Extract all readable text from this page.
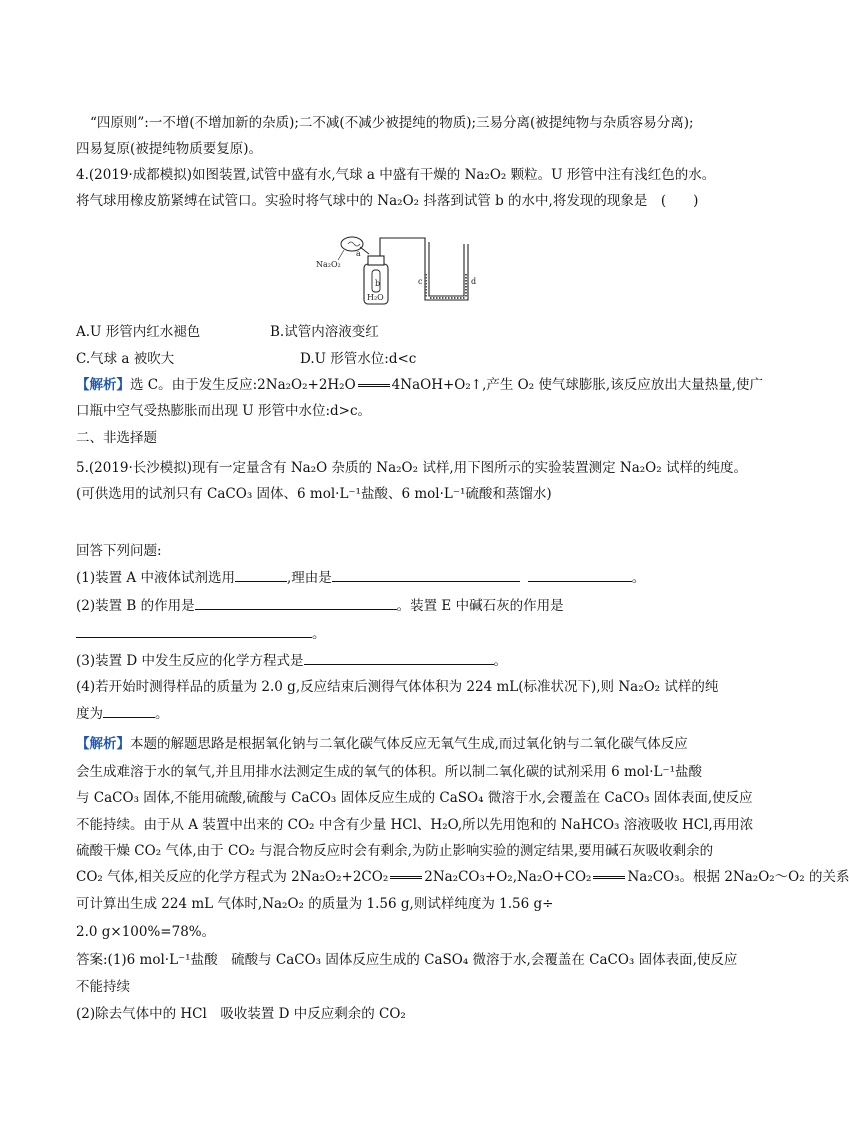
“四原则”:一不增(不增加新的杂质);二不减(不减少被提纯的物质);三易分离(被提纯物与杂质容易分离);
四易复原(被提纯物质要复原)。
4.(2019·成都模拟)如图装置,试管中盛有水,气球 a 中盛有干燥的 Na₂O₂ 颗粒。U 形管中注有浅红色的水。
将气球用橡皮筋紧缚在试管口。实验时将气球中的 Na₂O₂ 抖落到试管 b 的水中,将发现的现象是　(　　)
Na₂O₂
a
b
H₂O
c	d
A.U 形管内红水褪色	B.试管内溶液变红
C.气球 a 被吹大	D.U 形管水位:d<c
【解析】选 C。由于发生反应:2Na₂O₂+2H₂O	4NaOH+O₂↑,产生 O₂ 使气球膨胀,该反应放出大量热量,使广
口瓶中空气受热膨胀而出现 U 形管中水位:d>c。
二、非选择题
5.(2019·长沙模拟)现有一定量含有 Na₂O 杂质的 Na₂O₂ 试样,用下图所示的实验装置测定 Na₂O₂ 试样的纯度。
(可供选用的试剂只有 CaCO₃ 固体、6 mol·L⁻¹盐酸、6 mol·L⁻¹硫酸和蒸馏水)
回答下列问题:
(1)装置 A 中液体试剂选用	,理由是	。
(2)装置 B 的作用是	。装置 E 中碱石灰的作用是
。
(3)装置 D 中发生反应的化学方程式是	。
(4)若开始时测得样品的质量为 2.0 g,反应结束后测得气体体积为 224 mL(标准状况下),则 Na₂O₂ 试样的纯
度为	。
【解析】本题的解题思路是根据氧化钠与二氧化碳气体反应无氧气生成,而过氧化钠与二氧化碳气体反应
会生成难溶于水的氧气,并且用排水法测定生成的氧气的体积。所以制二氧化碳的试剂采用 6 mol·L⁻¹盐酸
与 CaCO₃ 固体,不能用硫酸,硫酸与 CaCO₃ 固体反应生成的 CaSO₄ 微溶于水,会覆盖在 CaCO₃ 固体表面,使反应
不能持续。由于从 A 装置中出来的 CO₂ 中含有少量 HCl、H₂O,所以先用饱和的 NaHCO₃ 溶液吸收 HCl,再用浓
硫酸干燥 CO₂ 气体,由于 CO₂ 与混合物反应时会有剩余,为防止影响实验的测定结果,要用碱石灰吸收剩余的
CO₂ 气体,相关反应的化学方程式为 2Na₂O₂+2CO₂	2Na₂CO₃+O₂,Na₂O+CO₂	Na₂CO₃。根据 2Na₂O₂～O₂ 的关系
可计算出生成 224 mL 气体时,Na₂O₂ 的质量为 1.56 g,则试样纯度为 1.56 g÷
2.0 g×100%=78%。
答案:(1)6 mol·L⁻¹盐酸　硫酸与 CaCO₃ 固体反应生成的 CaSO₄ 微溶于水,会覆盖在 CaCO₃ 固体表面,使反应
不能持续
(2)除去气体中的 HCl　吸收装置 D 中反应剩余的 CO₂
